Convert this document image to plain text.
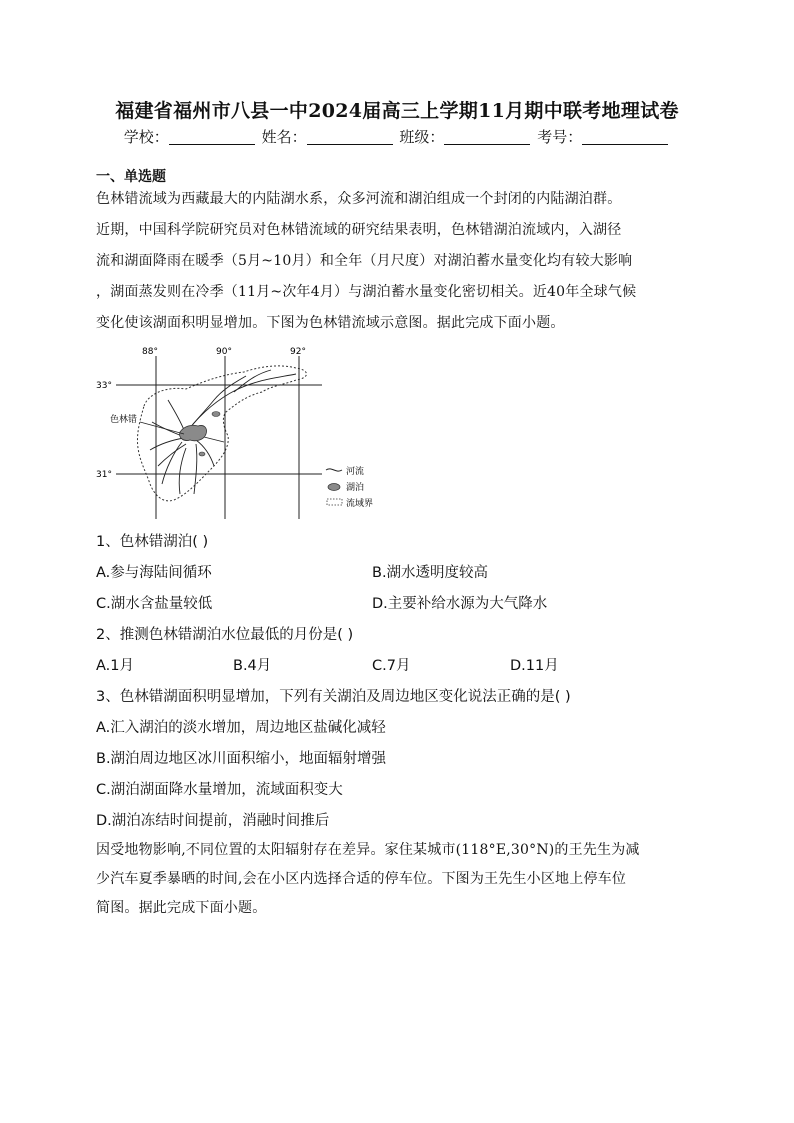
福建省福州市八县一中2024届高三上学期11月期中联考地理试卷
学校：	姓名：	班级：	考号：
一、单选题
色林错流域为西藏最大的内陆湖水系，众多河流和湖泊组成一个封闭的内陆湖泊群。
近期，中国科学院研究员对色林错流域的研究结果表明，色林错湖泊流域内，入湖径
流和湖面降雨在暖季（5月~10月）和全年（月尺度）对湖泊蓄水量变化均有较大影响
，湖面蒸发则在冷季（11月~次年4月）与湖泊蓄水量变化密切相关。近40年全球气候
变化使该湖面积明显增加。下图为色林错流域示意图。据此完成下面小题。
88°	90°	92°
33°
31°
色林错
河流
湖泊
流域界
1、色林错湖泊( )
A.参与海陆间循环	B.湖水透明度较高
C.湖水含盐量较低	D.主要补给水源为大气降水
2、推测色林错湖泊水位最低的月份是( )
A.1月	B.4月	C.7月	D.11月
3、色林错湖面积明显增加，下列有关湖泊及周边地区变化说法正确的是( )
A.汇入湖泊的淡水增加，周边地区盐碱化减轻
B.湖泊周边地区冰川面积缩小，地面辐射增强
C.湖泊湖面降水量增加，流域面积变大
D.湖泊冻结时间提前，消融时间推后
因受地物影响,不同位置的太阳辐射存在差异。家住某城市(118°E,30°N)的王先生为减
少汽车夏季暴晒的时间,会在小区内选择合适的停车位。下图为王先生小区地上停车位
简图。据此完成下面小题。
